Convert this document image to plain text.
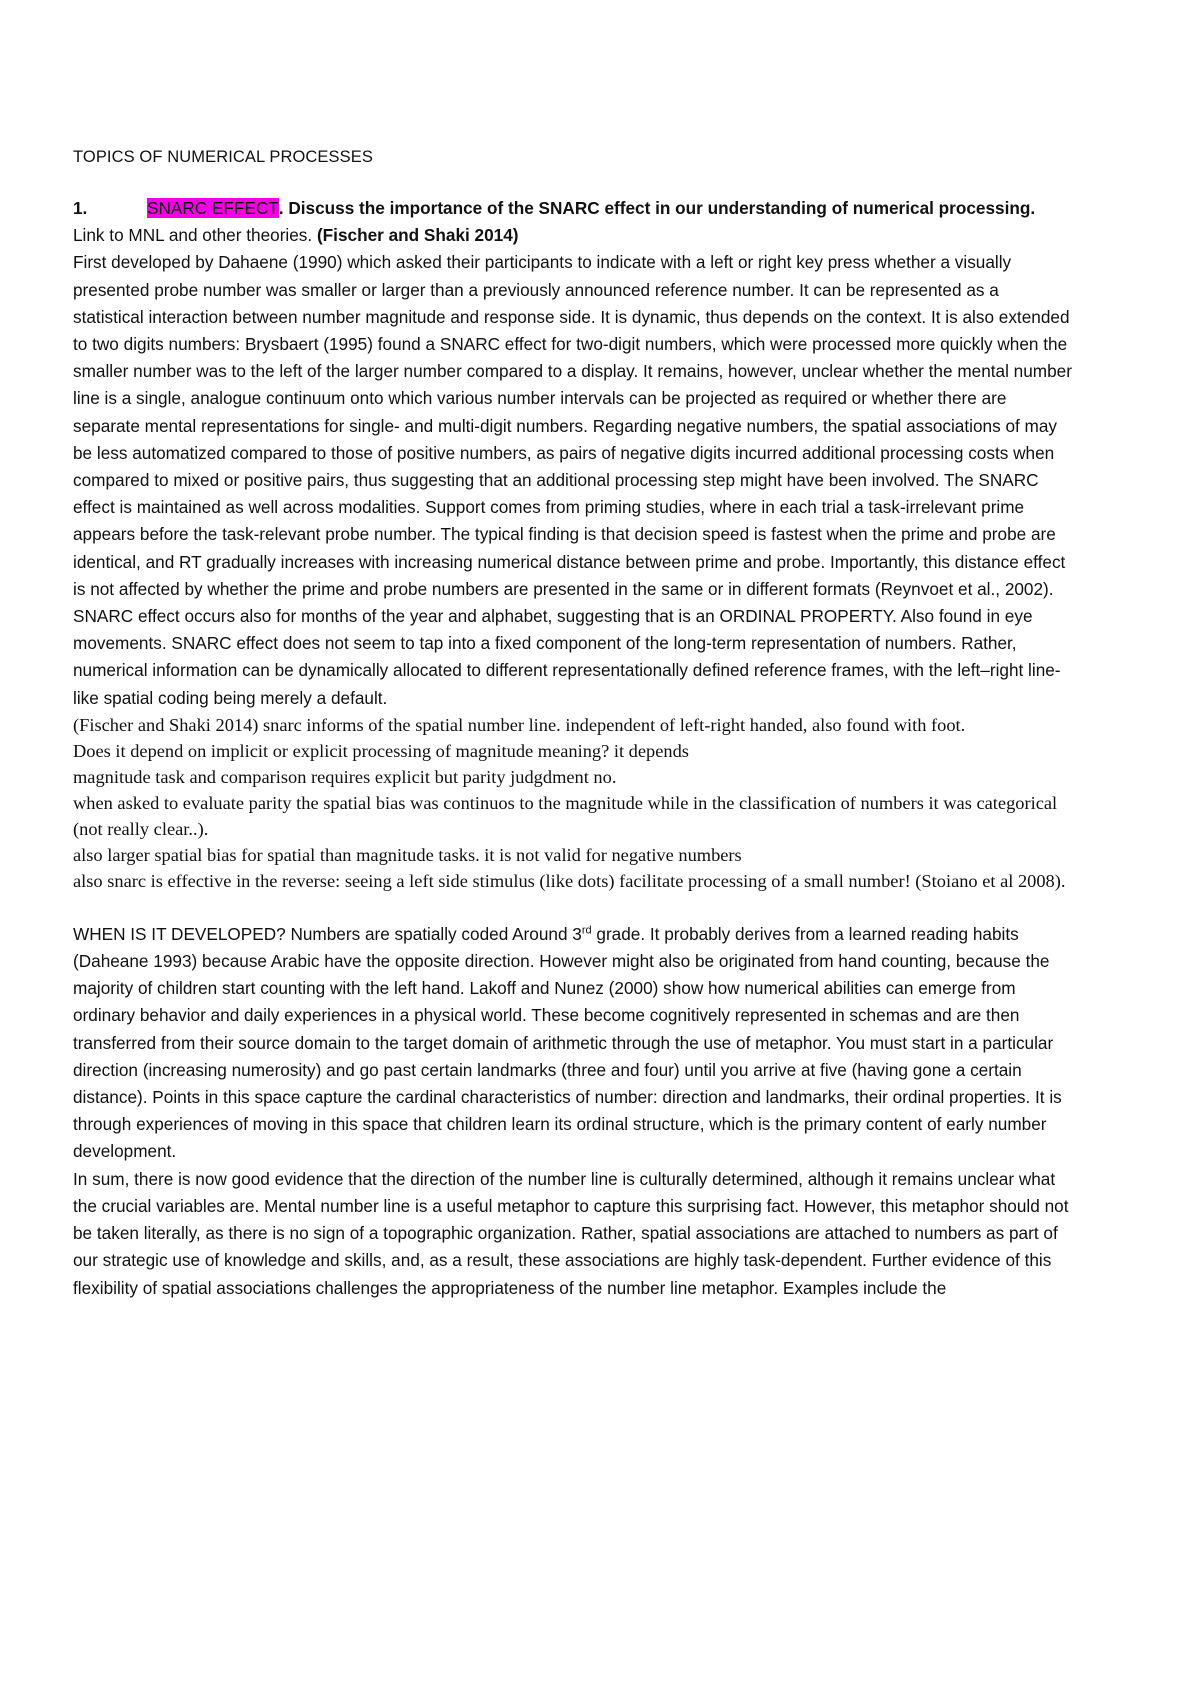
TOPICS OF NUMERICAL PROCESSES

1.	SNARC EFFECT. Discuss the importance of the SNARC effect in our understanding of numerical processing.

Link to MNL and other theories. (Fischer and Shaki 2014)

First developed by Dahaene (1990) which asked their participants to indicate with a left or right key press whether a visually presented probe number was smaller or larger than a previously announced reference number. It can be represented as a statistical interaction between number magnitude and response side. It is dynamic, thus depends on the context. It is also extended to two digits numbers: Brysbaert (1995) found a SNARC effect for two-digit numbers, which were processed more quickly when the smaller number was to the left of the larger number compared to a display. It remains, however, unclear whether the mental number line is a single, analogue continuum onto which various number intervals can be projected as required or whether there are separate mental representations for single- and multi-digit numbers. Regarding negative numbers, the spatial associations of may be less automatized compared to those of positive numbers, as pairs of negative digits incurred additional processing costs when compared to mixed or positive pairs, thus suggesting that an additional processing step might have been involved. The SNARC effect is maintained as well across modalities. Support comes from priming studies, where in each trial a task-irrelevant prime appears before the task-relevant probe number. The typical finding is that decision speed is fastest when the prime and probe are identical, and RT gradually increases with increasing numerical distance between prime and probe. Importantly, this distance effect is not affected by whether the prime and probe numbers are presented in the same or in different formats (Reynvoet et al., 2002).

SNARC effect occurs also for months of the year and alphabet, suggesting that is an ORDINAL PROPERTY. Also found in eye movements. SNARC effect does not seem to tap into a fixed component of the long-term representation of numbers. Rather, numerical information can be dynamically allocated to different representationally defined reference frames, with the left–right line-like spatial coding being merely a default.

(Fischer and Shaki 2014) snarc informs of the spatial number line. independent of left-right handed, also found with foot.

Does it depend on implicit or explicit processing of magnitude meaning? it depends

magnitude task and comparison requires explicit but parity judgdment no.

when asked to evaluate parity the spatial bias was continuos to the magnitude while in the classification of numbers it was categorical (not really clear..).

also larger spatial bias for spatial than magnitude tasks. it is not valid for negative numbers

also snarc is effective in the reverse: seeing a left side stimulus (like dots) facilitate processing of a small number! (Stoiano et al 2008).

WHEN IS IT DEVELOPED? Numbers are spatially coded Around 3rd grade. It probably derives from a learned reading habits (Daheane 1993) because Arabic have the opposite direction. However might also be originated from hand counting, because the majority of children start counting with the left hand. Lakoff and Nunez (2000) show how numerical abilities can emerge from ordinary behavior and daily experiences in a physical world. These become cognitively represented in schemas and are then transferred from their source domain to the target domain of arithmetic through the use of metaphor. You must start in a particular direction (increasing numerosity) and go past certain landmarks (three and four) until you arrive at five (having gone a certain distance). Points in this space capture the cardinal characteristics of number: direction and landmarks, their ordinal properties. It is through experiences of moving in this space that children learn its ordinal structure, which is the primary content of early number development.

In sum, there is now good evidence that the direction of the number line is culturally determined, although it remains unclear what the crucial variables are. Mental number line is a useful metaphor to capture this surprising fact. However, this metaphor should not be taken literally, as there is no sign of a topographic organization. Rather, spatial associations are attached to numbers as part of our strategic use of knowledge and skills, and, as a result, these associations are highly task-dependent. Further evidence of this flexibility of spatial associations challenges the appropriateness of the number line metaphor. Examples include the
